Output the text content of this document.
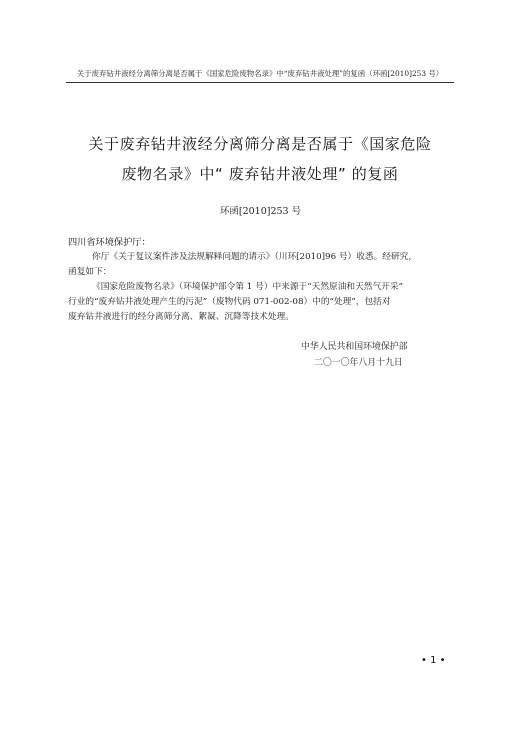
关于废弃钻井液经分离筛分离是否属于《国家危险废物名录》中“废弃钻井液处理”的复函（环函[2010]253 号）
关于废弃钻井液经分离筛分离是否属于《国家危险
废物名录》中“ 废弃钻井液处理” 的复函
环函[2010]253 号
四川省环境保护厅：
你厅《关于复议案件涉及法规解释问题的请示》（川环[2010]96 号）收悉。经研究，
函复如下：
《国家危险废物名录》（环境保护部令第 1 号）中来源于“天然原油和天然气开采”
行业的“废弃钻井液处理产生的污泥”（废物代码 071-002-08）中的“处理”，包括对
废弃钻井液进行的经分离筛分离、絮凝、沉降等技术处理。
中华人民共和国环境保护部
二〇一〇年八月十九日
• 1 •
